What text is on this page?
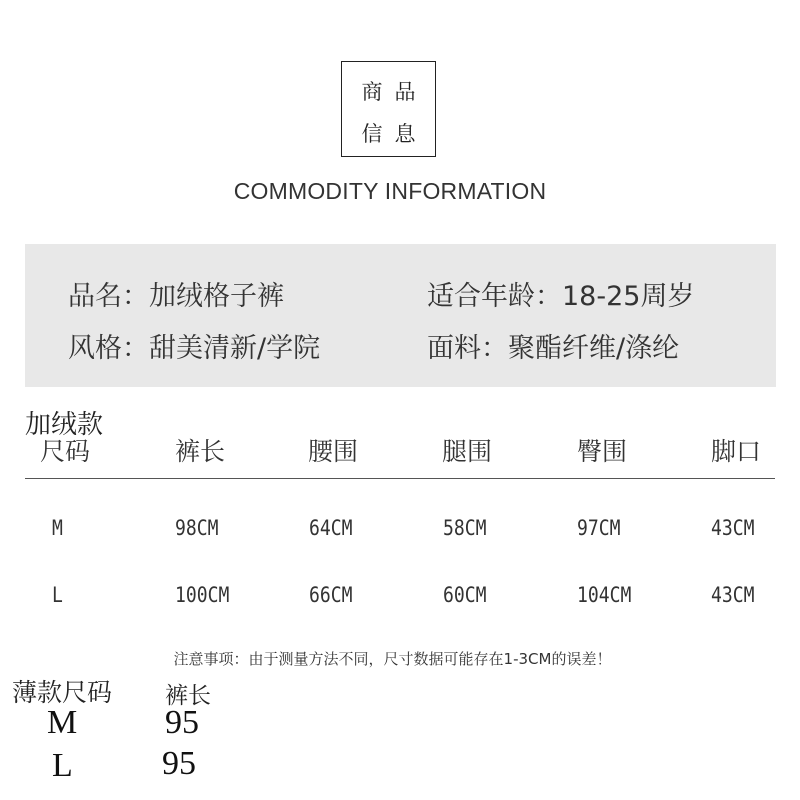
商品
信息
COMMODITY INFORMATION
品名：加绒格子裤	适合年龄：18-25周岁
风格：甜美清新/学院	面料：聚酯纤维/涤纶
加绒款
尺码	裤长	腰围	腿围	臀围	脚口
M	98CM	64CM	58CM	97CM	43CM
L	100CM	66CM	60CM	104CM	43CM
注意事项：由于测量方法不同，尺寸数据可能存在1-3CM的误差！
薄款尺码 裤长
M	95
L	95
